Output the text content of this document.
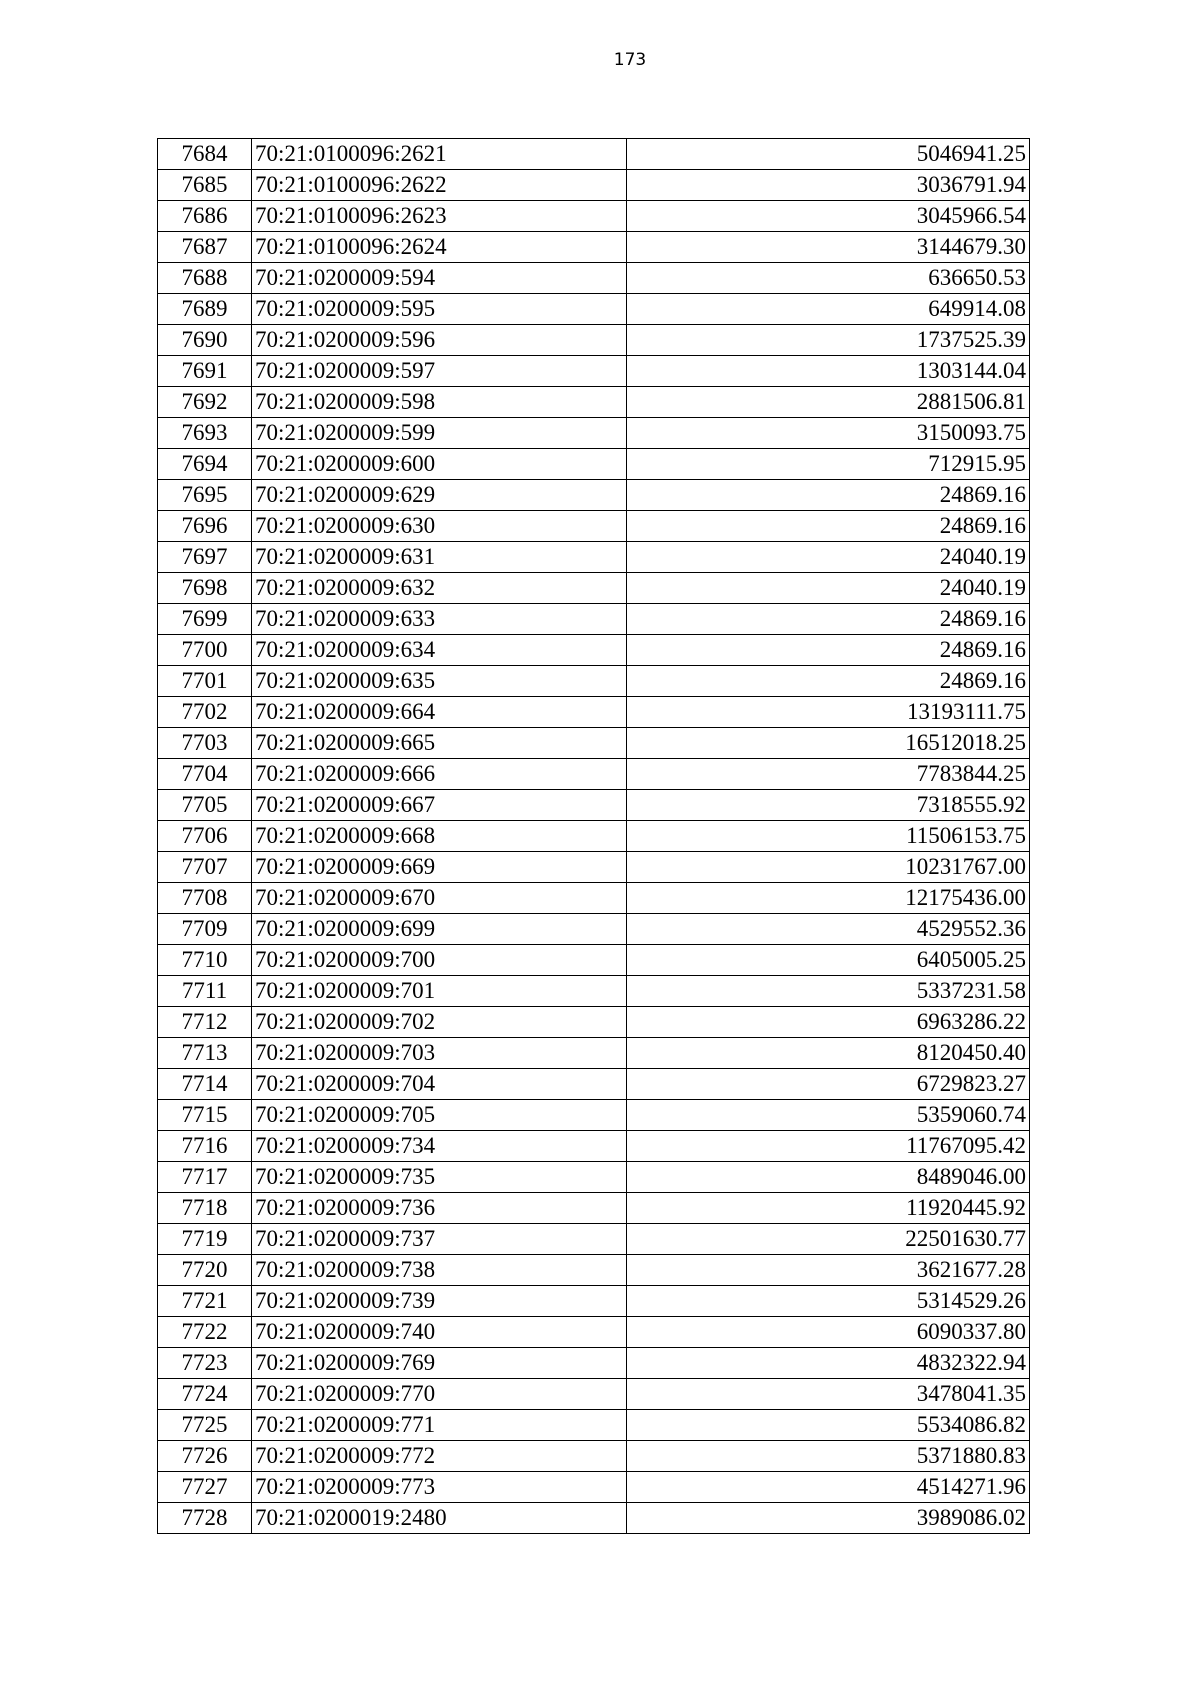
173
7684	70:21:0100096:2621	5046941.25
7685	70:21:0100096:2622	3036791.94
7686	70:21:0100096:2623	3045966.54
7687	70:21:0100096:2624	3144679.30
7688	70:21:0200009:594	636650.53
7689	70:21:0200009:595	649914.08
7690	70:21:0200009:596	1737525.39
7691	70:21:0200009:597	1303144.04
7692	70:21:0200009:598	2881506.81
7693	70:21:0200009:599	3150093.75
7694	70:21:0200009:600	712915.95
7695	70:21:0200009:629	24869.16
7696	70:21:0200009:630	24869.16
7697	70:21:0200009:631	24040.19
7698	70:21:0200009:632	24040.19
7699	70:21:0200009:633	24869.16
7700	70:21:0200009:634	24869.16
7701	70:21:0200009:635	24869.16
7702	70:21:0200009:664	13193111.75
7703	70:21:0200009:665	16512018.25
7704	70:21:0200009:666	7783844.25
7705	70:21:0200009:667	7318555.92
7706	70:21:0200009:668	11506153.75
7707	70:21:0200009:669	10231767.00
7708	70:21:0200009:670	12175436.00
7709	70:21:0200009:699	4529552.36
7710	70:21:0200009:700	6405005.25
7711	70:21:0200009:701	5337231.58
7712	70:21:0200009:702	6963286.22
7713	70:21:0200009:703	8120450.40
7714	70:21:0200009:704	6729823.27
7715	70:21:0200009:705	5359060.74
7716	70:21:0200009:734	11767095.42
7717	70:21:0200009:735	8489046.00
7718	70:21:0200009:736	11920445.92
7719	70:21:0200009:737	22501630.77
7720	70:21:0200009:738	3621677.28
7721	70:21:0200009:739	5314529.26
7722	70:21:0200009:740	6090337.80
7723	70:21:0200009:769	4832322.94
7724	70:21:0200009:770	3478041.35
7725	70:21:0200009:771	5534086.82
7726	70:21:0200009:772	5371880.83
7727	70:21:0200009:773	4514271.96
7728	70:21:0200019:2480	3989086.02
